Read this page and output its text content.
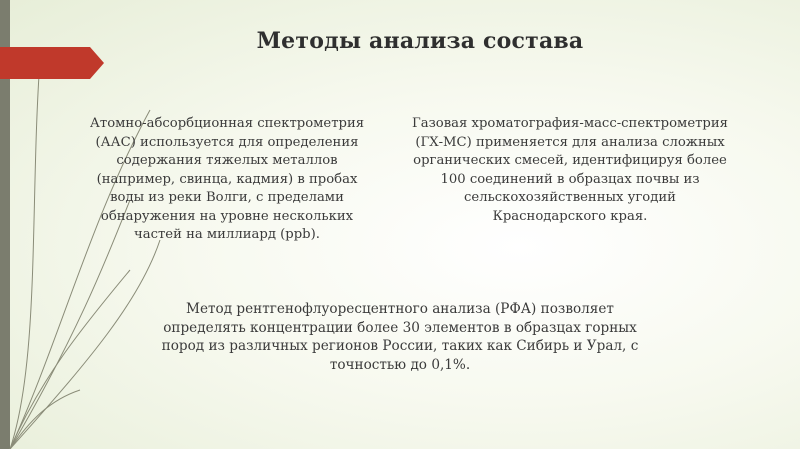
Методы анализа состава
Атомно-абсорбционная спектрометрия
(ААС) используется для определения
содержания тяжелых металлов
(например, свинца, кадмия) в пробах
воды из реки Волги, с пределами
обнаружения на уровне нескольких
частей на миллиард (ppb).
Газовая хроматография-масс-спектрометрия
(ГХ-МС) применяется для анализа сложных
органических смесей, идентифицируя более
100 соединений в образцах почвы из
сельскохозяйственных угодий
Краснодарского края.
Метод рентгенофлуоресцентного анализа (РФА) позволяет
определять концентрации более 30 элементов в образцах горных
пород из различных регионов России, таких как Сибирь и Урал, с
точностью до 0,1%.
